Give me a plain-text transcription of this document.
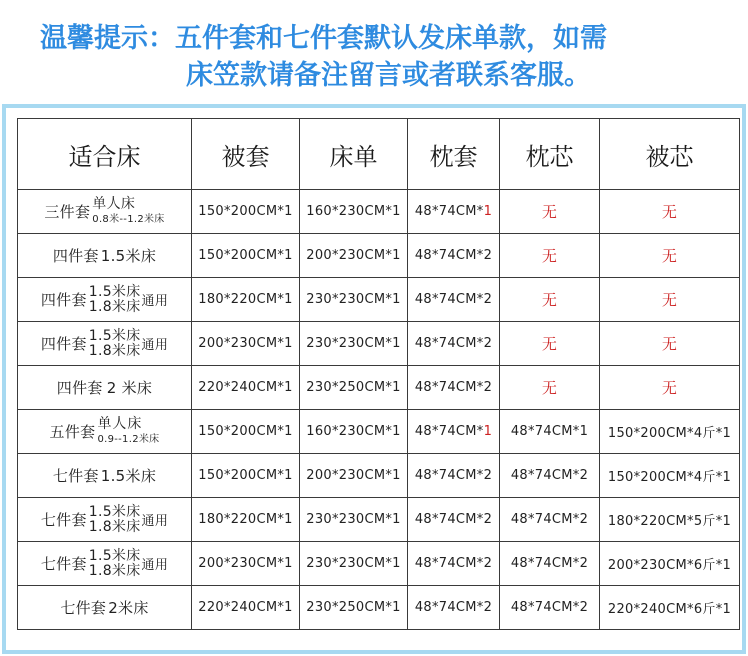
温馨提示：五件套和七件套默认发床单款，如需
床笠款请备注留言或者联系客服。
适合床	被套	床单	枕套	枕芯	被芯

三件套 单人床
0.8米--1.2米床	150*200CM*1	160*230CM*1	48*74CM*1	无	无

四件套 1.5米床	150*200CM*1	200*230CM*1	48*74CM*2	无	无

四件套 1.5米床
1.8米床 通用	180*220CM*1	230*230CM*1	48*74CM*2	无	无

四件套 1.5米床
1.8米床 通用	200*230CM*1	230*230CM*1	48*74CM*2	无	无

四件套 2 米床	220*240CM*1	230*250CM*1	48*74CM*2	无	无

五件套 单人床
0.9--1.2米床	150*200CM*1	160*230CM*1	48*74CM*1	48*74CM*1	150*200CM*4斤*1

七件套 1.5米床	150*200CM*1	200*230CM*1	48*74CM*2	48*74CM*2	150*200CM*4斤*1

七件套 1.5米床
1.8米床 通用	180*220CM*1	230*230CM*1	48*74CM*2	48*74CM*2	180*220CM*5斤*1

七件套 1.5米床
1.8米床 通用	200*230CM*1	230*230CM*1	48*74CM*2	48*74CM*2	200*230CM*6斤*1

七件套 2米床	220*240CM*1	230*250CM*1	48*74CM*2	48*74CM*2	220*240CM*6斤*1
